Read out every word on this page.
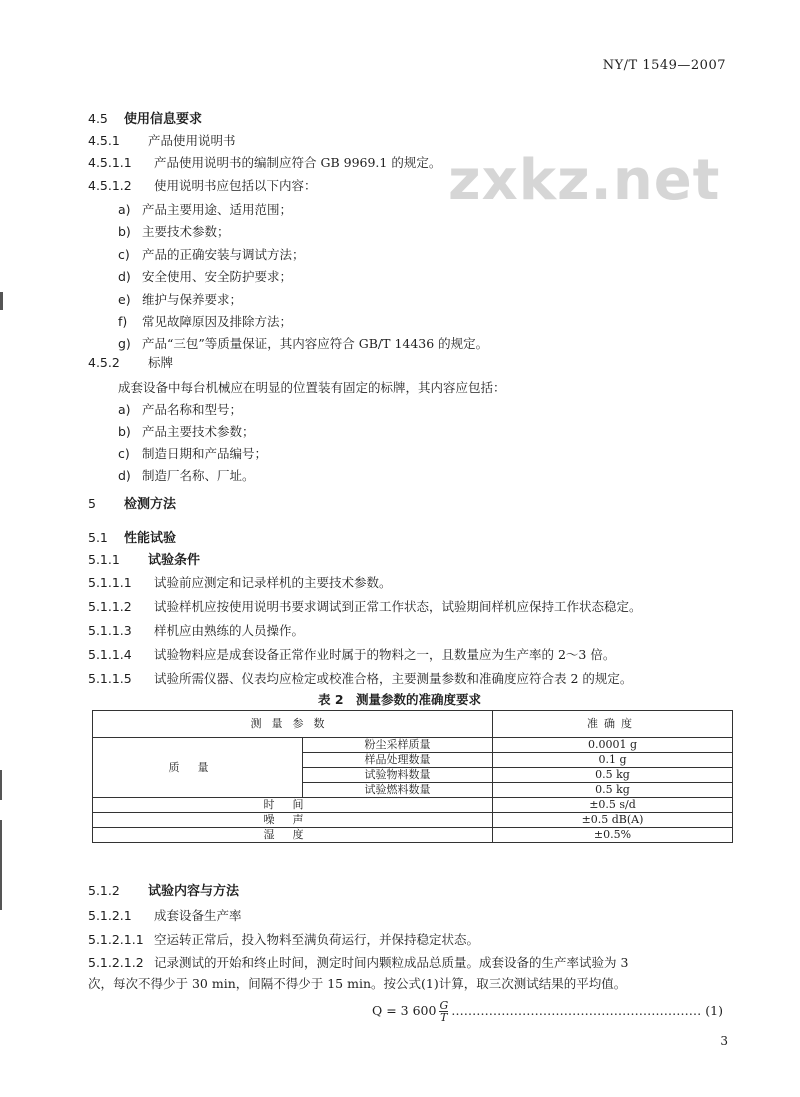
NY/T 1549—2007
zxkz.net
4.5 使用信息要求
4.5.1 产品使用说明书
4.5.1.1 产品使用说明书的编制应符合 GB 9969.1 的规定。
4.5.1.2 使用说明书应包括以下内容：
a) 产品主要用途、适用范围；
b) 主要技术参数；
c) 产品的正确安装与调试方法；
d) 安全使用、安全防护要求；
e) 维护与保养要求；
f) 常见故障原因及排除方法；
g) 产品“三包”等质量保证，其内容应符合 GB/T 14436 的规定。
4.5.2 标牌
成套设备中每台机械应在明显的位置装有固定的标牌，其内容应包括：
a) 产品名称和型号；
b) 产品主要技术参数；
c) 制造日期和产品编号；
d) 制造厂名称、厂址。
5 检测方法
5.1 性能试验
5.1.1 试验条件
5.1.1.1 试验前应测定和记录样机的主要技术参数。
5.1.1.2 试验样机应按使用说明书要求调试到正常工作状态，试验期间样机应保持工作状态稳定。
5.1.1.3 样机应由熟练的人员操作。
5.1.1.4 试验物料应是成套设备正常作业时属于的物料之一，且数量应为生产率的 2～3 倍。
5.1.1.5 试验所需仪器、仪表均应检定或校准合格，主要测量参数和准确度应符合表 2 的规定。
表 2　测量参数的准确度要求
测量参数		准确度
质量	粉尘采样质量	0.0001 g
	样品处理数量	0.1 g
	试验物料数量	0.5 kg
	试验燃料数量	0.5 kg
时间		±0.5 s/d
噪声		±0.5 dB(A)
湿度		±0.5%
5.1.2 试验内容与方法
5.1.2.1 成套设备生产率
5.1.2.1.1 空运转正常后，投入物料至满负荷运行，并保持稳定状态。
5.1.2.1.2 记录测试的开始和终止时间，测定时间内颗粒成品总质量。成套设备的生产率试验为 3
次，每次不得少于 30 min，间隔不得少于 15 min。按公式(1)计算，取三次测试结果的平均值。
Q = 3 $600 \frac{G}{T}$ …………………………………………………… (1)
3
